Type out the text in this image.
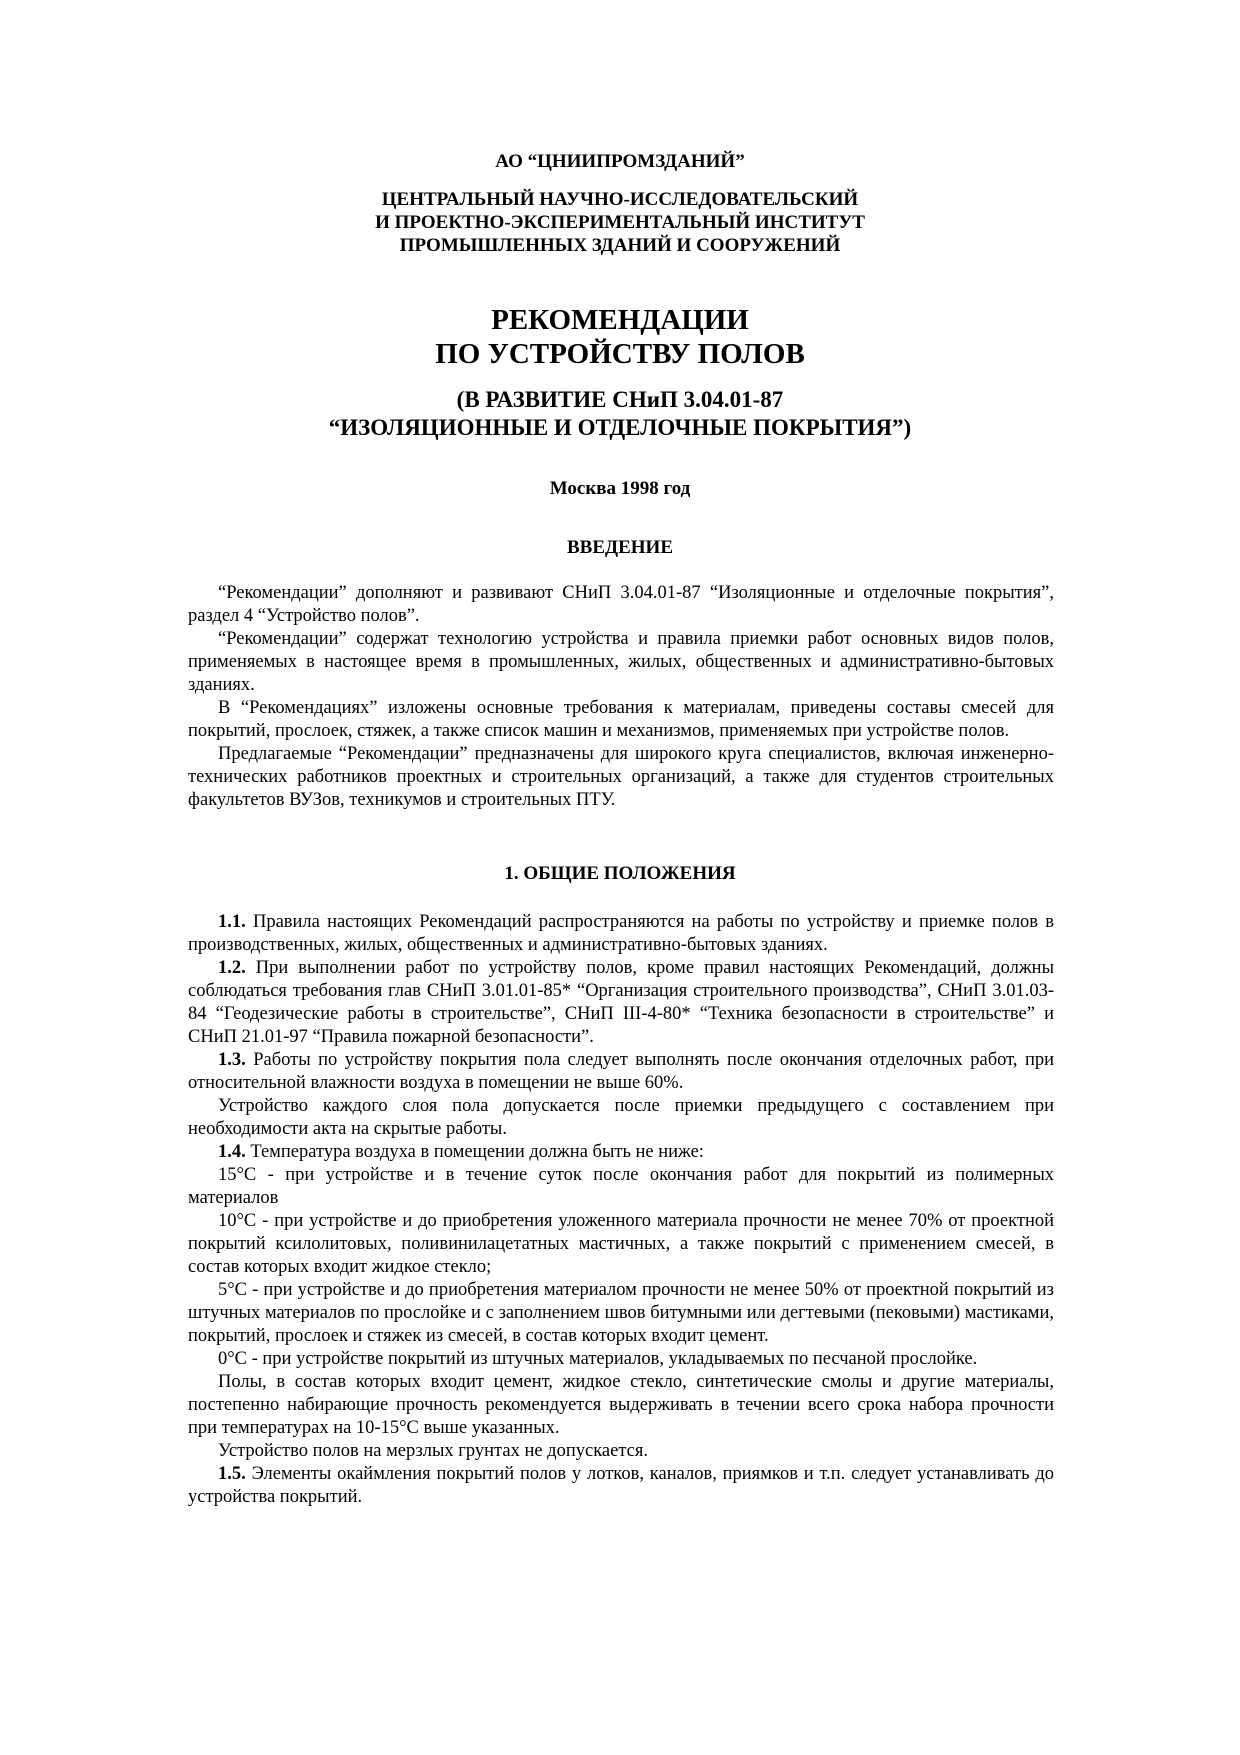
АО “ЦНИИПРОМЗДАНИЙ”

ЦЕНТРАЛЬНЫЙ НАУЧНО-ИССЛЕДОВАТЕЛЬСКИЙ
И ПРОЕКТНО-ЭКСПЕРИМЕНТАЛЬНЫЙ ИНСТИТУТ
ПРОМЫШЛЕННЫХ ЗДАНИЙ И СООРУЖЕНИЙ

РЕКОМЕНДАЦИИ
ПО УСТРОЙСТВУ ПОЛОВ

(В РАЗВИТИЕ СНиП 3.04.01-87
“ИЗОЛЯЦИОННЫЕ И ОТДЕЛОЧНЫЕ ПОКРЫТИЯ”)

Москва 1998 год

ВВЕДЕНИЕ

“Рекомендации” дополняют и развивают СНиП 3.04.01-87 “Изоляционные и отделочные покрытия”, раздел 4 “Устройство полов”.

“Рекомендации” содержат технологию устройства и правила приемки работ основных видов полов, применяемых в настоящее время в промышленных, жилых, общественных и административно-бытовых зданиях.

В “Рекомендациях” изложены основные требования к материалам, приведены составы смесей для покрытий, прослоек, стяжек, а также список машин и механизмов, применяемых при устройстве полов.

Предлагаемые “Рекомендации” предназначены для широкого круга специалистов, включая инженерно-технических работников проектных и строительных организаций, а также для студентов строительных факультетов ВУЗов, техникумов и строительных ПТУ.

1. ОБЩИЕ ПОЛОЖЕНИЯ

1.1. Правила настоящих Рекомендаций распространяются на работы по устройству и приемке полов в производственных, жилых, общественных и административно-бытовых зданиях.

1.2. При выполнении работ по устройству полов, кроме правил настоящих Рекомендаций, должны соблюдаться требования глав СНиП 3.01.01-85* “Организация строительного производства”, СНиП 3.01.03-84 “Геодезические работы в строительстве”, СНиП III-4-80* “Техника безопасности в строительстве” и СНиП 21.01-97 “Правила пожарной безопасности”.

1.3. Работы по устройству покрытия пола следует выполнять после окончания отделочных работ, при относительной влажности воздуха в помещении не выше 60%.

Устройство каждого слоя пола допускается после приемки предыдущего с составлением при необходимости акта на скрытые работы.

1.4. Температура воздуха в помещении должна быть не ниже:

15°С - при устройстве и в течение суток после окончания работ для покрытий из полимерных материалов

10°С - при устройстве и до приобретения уложенного материала прочности не менее 70% от проектной покрытий ксилолитовых, поливинилацетатных мастичных, а также покрытий с применением смесей, в состав которых входит жидкое стекло;

5°С - при устройстве и до приобретения материалом прочности не менее 50% от проектной покрытий из штучных материалов по прослойке и с заполнением швов битумными или дегтевыми (пековыми) мастиками, покрытий, прослоек и стяжек из смесей, в состав которых входит цемент.

0°С - при устройстве покрытий из штучных материалов, укладываемых по песчаной прослойке.

Полы, в состав которых входит цемент, жидкое стекло, синтетические смолы и другие материалы, постепенно набирающие прочность рекомендуется выдерживать в течении всего срока набора прочности при температурах на 10-15°С выше указанных.

Устройство полов на мерзлых грунтах не допускается.

1.5. Элементы окаймления покрытий полов у лотков, каналов, приямков и т.п. следует устанавливать до устройства покрытий.
